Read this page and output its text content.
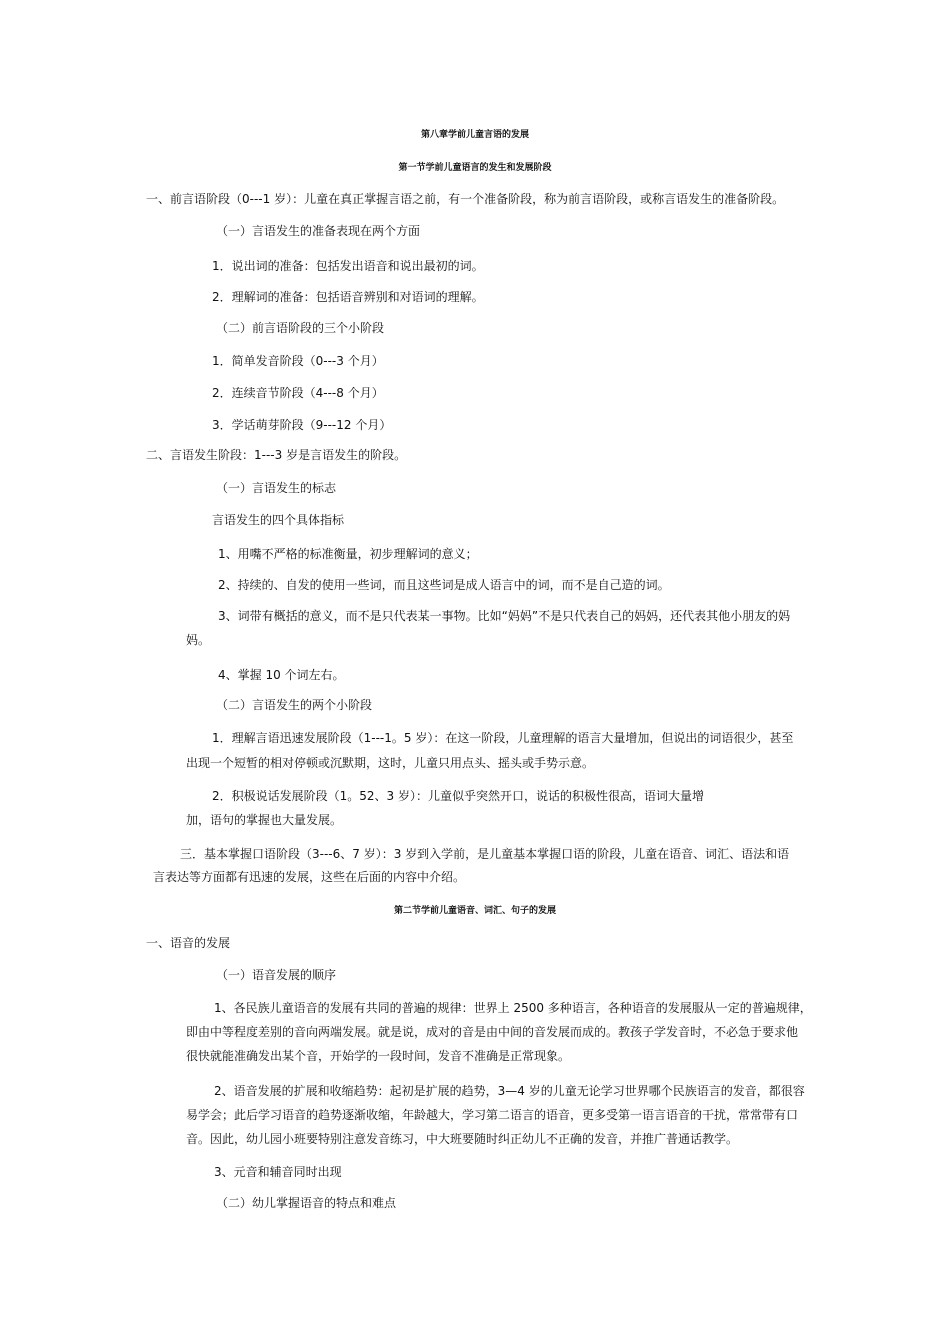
第八章学前儿童言语的发展

第一节学前儿童语言的发生和发展阶段

一、前言语阶段（0---1 岁）：儿童在真正掌握言语之前，有一个准备阶段，称为前言语阶段，或称言语发生的准备阶段。

（一）言语发生的准备表现在两个方面

1．说出词的准备：包括发出语音和说出最初的词。

2．理解词的准备：包括语音辨别和对语词的理解。

（二）前言语阶段的三个小阶段

1．简单发音阶段（0---3 个月）

2．连续音节阶段（4---8 个月）

3．学话萌芽阶段（9---12 个月）

二、言语发生阶段：1---3 岁是言语发生的阶段。

（一）言语发生的标志

言语发生的四个具体指标

1、用嘴不严格的标准衡量，初步理解词的意义；

2、持续的、自发的使用一些词，而且这些词是成人语言中的词，而不是自己造的词。

3、词带有概括的意义，而不是只代表某一事物。比如“妈妈”不是只代表自己的妈妈，还代表其他小朋友的妈

妈。

4、掌握 10 个词左右。

（二）言语发生的两个小阶段

1．理解言语迅速发展阶段（1---1。5 岁）：在这一阶段，儿童理解的语言大量增加，但说出的词语很少，甚至

出现一个短暂的相对停顿或沉默期，这时，儿童只用点头、摇头或手势示意。

2．积极说话发展阶段（1。52、3 岁）：儿童似乎突然开口，说话的积极性很高，语词大量增

加，语句的掌握也大量发展。

三．基本掌握口语阶段（3---6、7 岁）：3 岁到入学前，是儿童基本掌握口语的阶段，儿童在语音、词汇、语法和语

言表达等方面都有迅速的发展，这些在后面的内容中介绍。

第二节学前儿童语音、词汇、句子的发展

一、语音的发展

（一）语音发展的顺序

1、各民族儿童语音的发展有共同的普遍的规律：世界上 2500 多种语言，各种语音的发展服从一定的普遍规律，

即由中等程度差别的音向两端发展。就是说，成对的音是由中间的音发展而成的。教孩子学发音时，不必急于要求他

很快就能准确发出某个音，开始学的一段时间，发音不准确是正常现象。

2、语音发展的扩展和收缩趋势：起初是扩展的趋势，3—4 岁的儿童无论学习世界哪个民族语言的发音，都很容

易学会；此后学习语音的趋势逐渐收缩，年龄越大，学习第二语言的语音，更多受第一语言语音的干扰，常常带有口

音。因此，幼儿园小班要特别注意发音练习，中大班要随时纠正幼儿不正确的发音，并推广普通话教学。

3、元音和辅音同时出现

（二）幼儿掌握语音的特点和难点
